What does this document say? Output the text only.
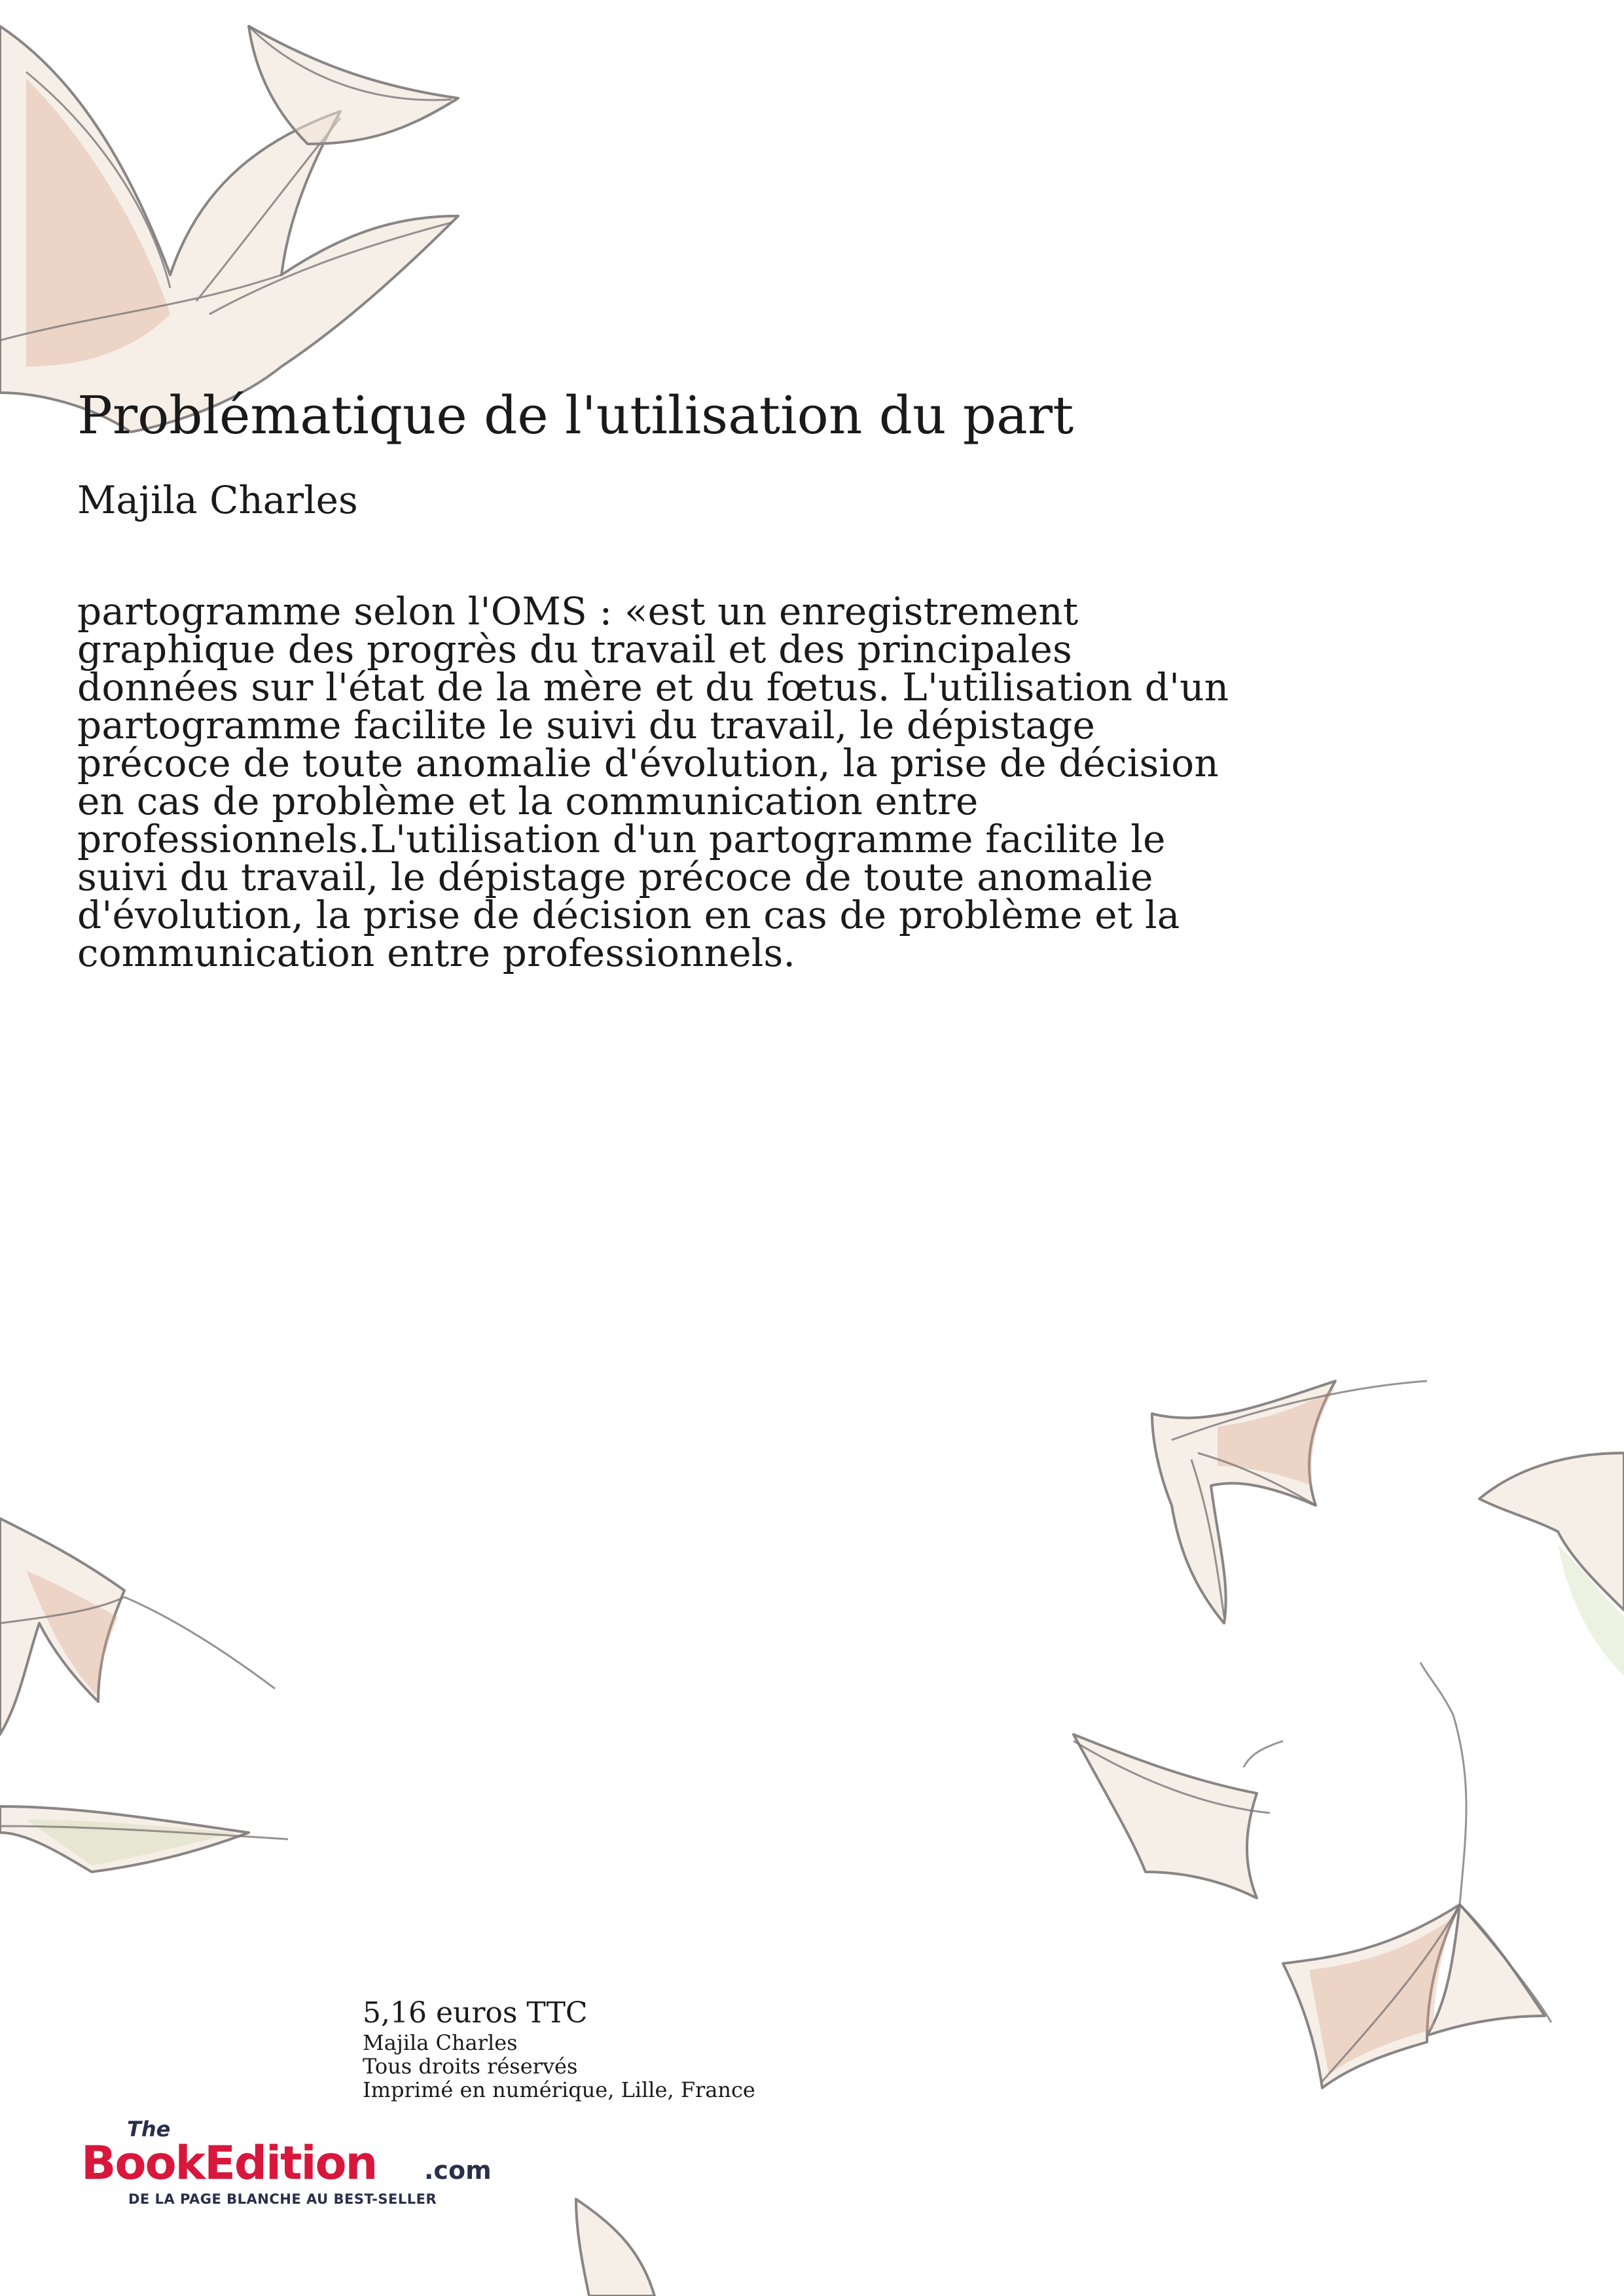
Problématique de l'utilisation du part

Majila Charles

partogramme selon l'OMS : «est un enregistrement graphique des progrès du travail et des principales données sur l'état de la mère et du fœtus. L'utilisation d'un partogramme facilite le suivi du travail, le dépistage précoce de toute anomalie d'évolution, la prise de décision en cas de problème et la communication entre professionnels.L'utilisation d'un partogramme facilite le suivi du travail, le dépistage précoce de toute anomalie d'évolution, la prise de décision en cas de problème et la communication entre professionnels.

5,16 euros TTC

Majila Charles

Tous droits réservés

Imprimé en numérique, Lille, France

The
BookEdition .com
DE LA PAGE BLANCHE AU BEST-SELLER
